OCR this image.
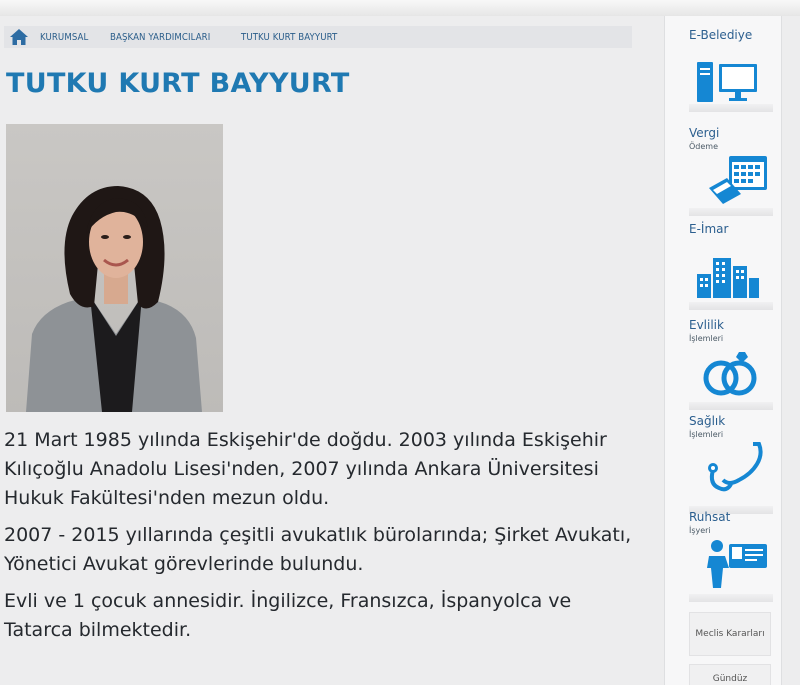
KURUMSAL BAŞKAN YARDIMCILARI	TUTKU KURT BAYYURT
TUTKU KURT BAYYURT

21 Mart 1985 yılında Eskişehir'de doğdu. 2003 yılında Eskişehir Kılıçoğlu Anadolu Lisesi'nden, 2007 yılında Ankara Üniversitesi Hukuk Fakültesi'nden mezun oldu.

2007 - 2015 yıllarında çeşitli avukatlık bürolarında; Şirket Avukatı, Yönetici Avukat görevlerinde bulundu.

Evli ve 1 çocuk annesidir. İngilizce, Fransızca, İspanyolca ve Tatarca bilmektedir.

E-Belediye
Vergi
Ödeme
E-İmar
Evlilik
İşlemleri
Sağlık
İşlemleri
Ruhsat
İşyeri
Meclis Kararları
Gündüz
